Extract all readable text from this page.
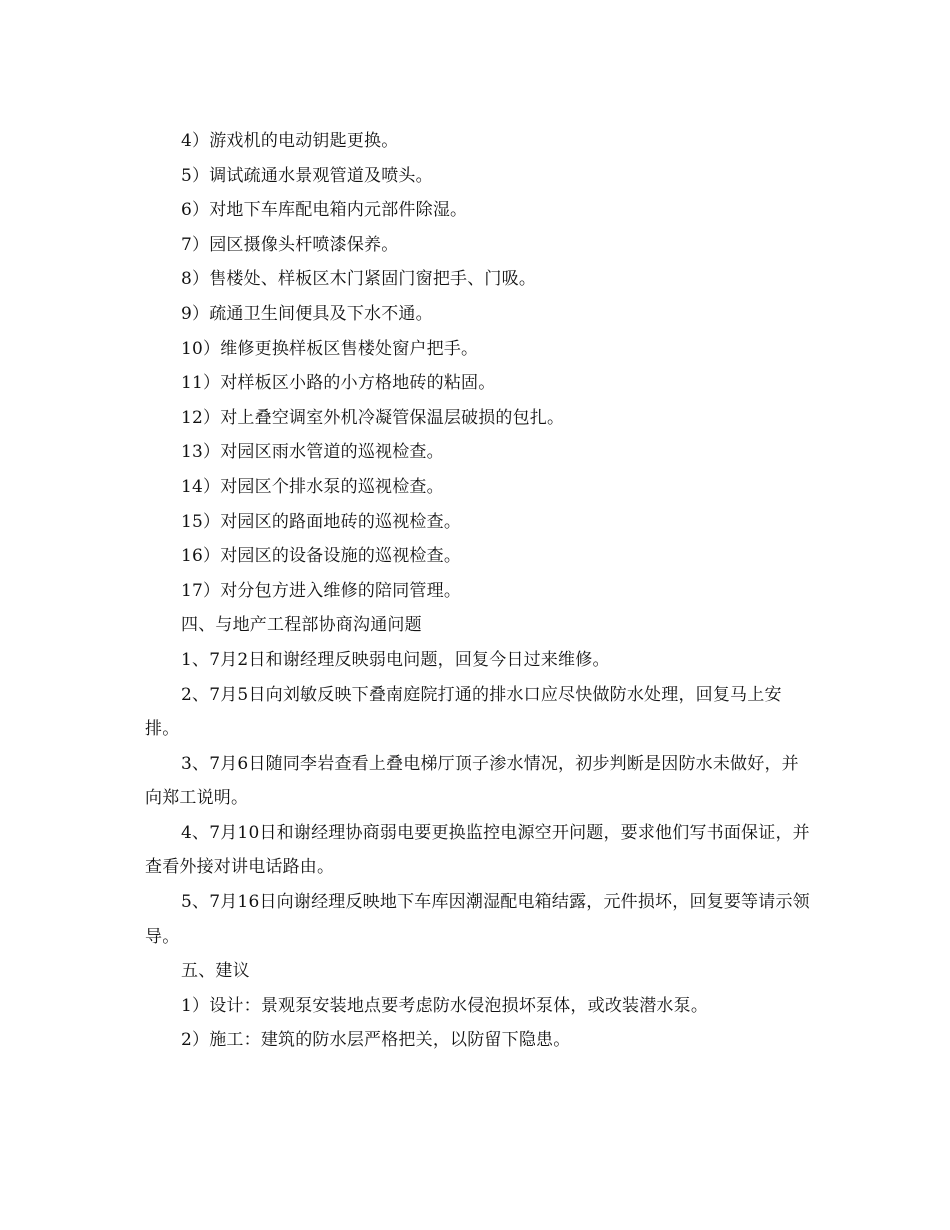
4）游戏机的电动钥匙更换。

5）调试疏通水景观管道及喷头。

6）对地下车库配电箱内元部件除湿。

7）园区摄像头杆喷漆保养。

8）售楼处、样板区木门紧固门窗把手、门吸。

9）疏通卫生间便具及下水不通。

10）维修更换样板区售楼处窗户把手。

11）对样板区小路的小方格地砖的粘固。

12）对上叠空调室外机冷凝管保温层破损的包扎。

13）对园区雨水管道的巡视检查。

14）对园区个排水泵的巡视检查。

15）对园区的路面地砖的巡视检查。

16）对园区的设备设施的巡视检查。

17）对分包方进入维修的陪同管理。

四、与地产工程部协商沟通问题

1、7月2日和谢经理反映弱电问题，回复今日过来维修。

2、7月5日向刘敏反映下叠南庭院打通的排水口应尽快做防水处理，回复马上安排。

3、7月6日随同李岩查看上叠电梯厅顶子渗水情况，初步判断是因防水未做好，并向郑工说明。

4、7月10日和谢经理协商弱电要更换监控电源空开问题，要求他们写书面保证，并查看外接对讲电话路由。

5、7月16日向谢经理反映地下车库因潮湿配电箱结露，元件损坏，回复要等请示领导。

五、建议

1）设计：景观泵安装地点要考虑防水侵泡损坏泵体，或改装潜水泵。

2）施工：建筑的防水层严格把关，以防留下隐患。
